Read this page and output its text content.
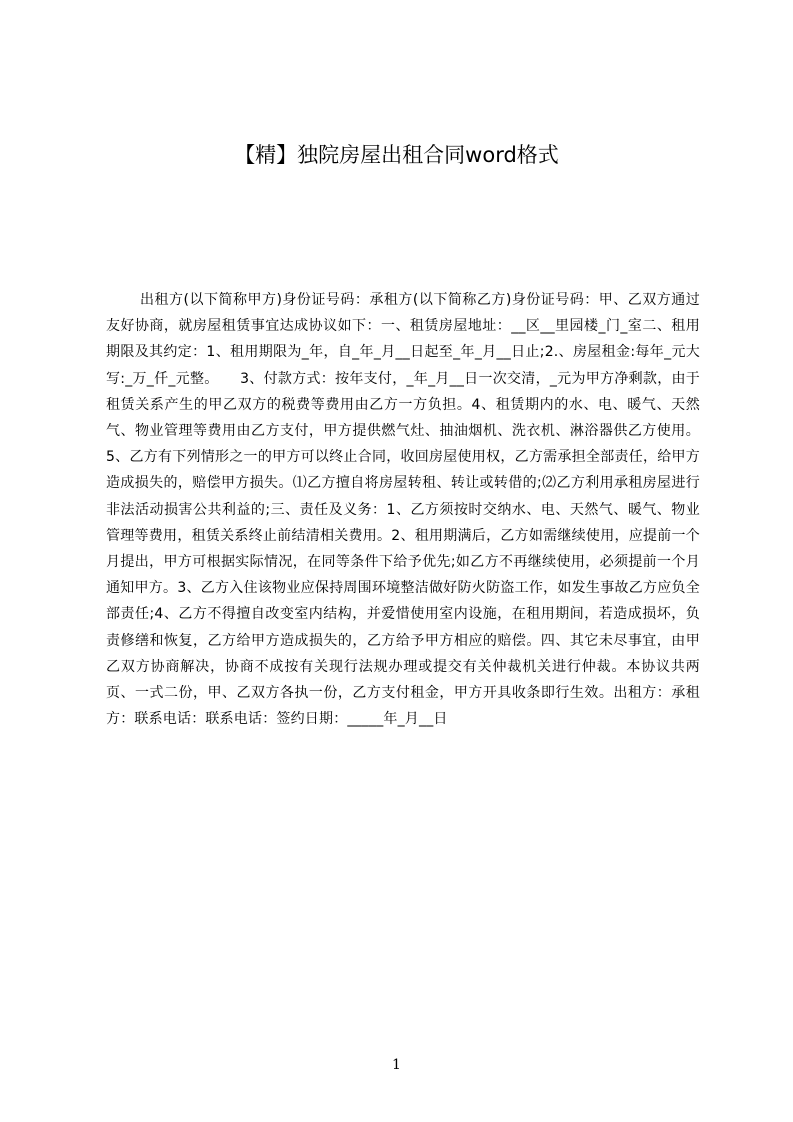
【精】独院房屋出租合同word格式

出租方(以下简称甲方)身份证号码：承租方(以下简称乙方)身份证号码：甲、乙双方通过友好协商，就房屋租赁事宜达成协议如下：一、租赁房屋地址：__区__里园楼_门_室二、租用期限及其约定：1、租用期限为_年，自_年_月__日起至_年_月__日止;2.、房屋租金:每年_元大写:_万_仟_元整。　　3、付款方式：按年支付，_年_月__日一次交清，_元为甲方净剩款，由于租赁关系产生的甲乙双方的税费等费用由乙方一方负担。4、租赁期内的水、电、暖气、天然气、物业管理等费用由乙方支付，甲方提供燃气灶、抽油烟机、洗衣机、淋浴器供乙方使用。5、乙方有下列情形之一的甲方可以终止合同，收回房屋使用权，乙方需承担全部责任，给甲方造成损失的，赔偿甲方损失。⑴乙方擅自将房屋转租、转让或转借的;⑵乙方利用承租房屋进行非法活动损害公共利益的;三、责任及义务：1、乙方须按时交纳水、电、天然气、暖气、物业管理等费用，租赁关系终止前结清相关费用。2、租用期满后，乙方如需继续使用，应提前一个月提出，甲方可根据实际情况，在同等条件下给予优先;如乙方不再继续使用，必须提前一个月通知甲方。3、乙方入住该物业应保持周围环境整洁做好防火防盗工作，如发生事故乙方应负全部责任;4、乙方不得擅自改变室内结构，并爱惜使用室内设施，在租用期间，若造成损坏，负责修缮和恢复，乙方给甲方造成损失的，乙方给予甲方相应的赔偿。四、其它未尽事宜，由甲乙双方协商解决，协商不成按有关现行法规办理或提交有关仲裁机关进行仲裁。本协议共两页、一式二份，甲、乙双方各执一份，乙方支付租金，甲方开具收条即行生效。出租方：承租方：联系电话：联系电话：签约日期：_____年_月__日

1
